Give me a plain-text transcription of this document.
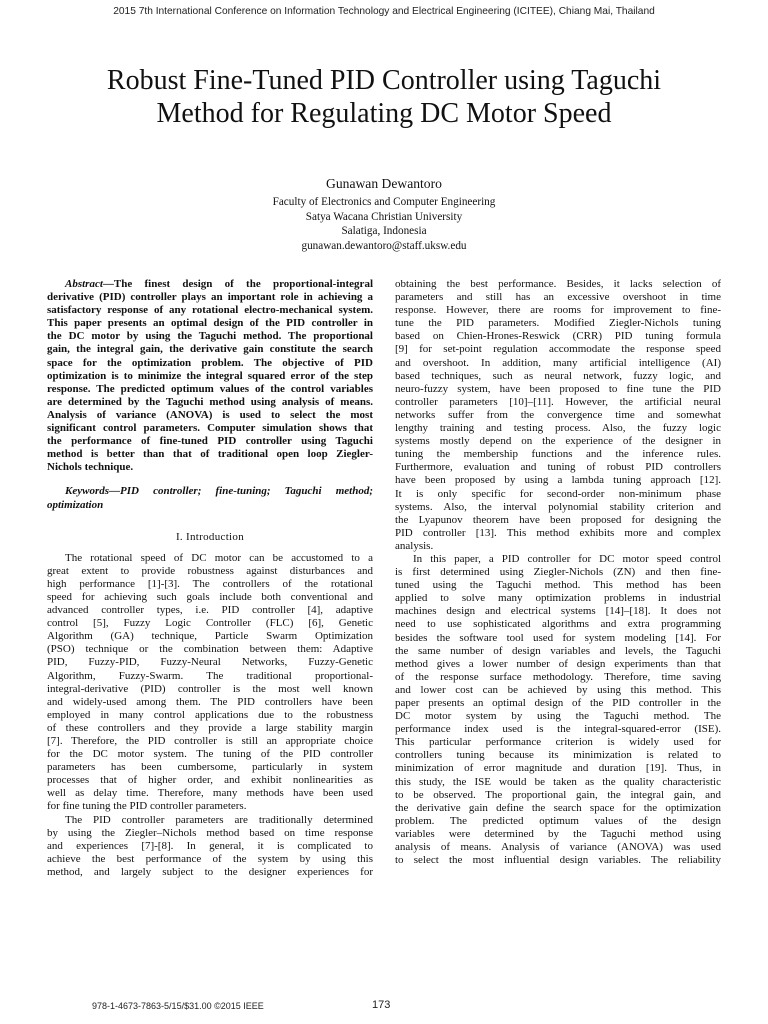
2015 7th International Conference on Information Technology and Electrical Engineering (ICITEE), Chiang Mai, Thailand
Robust Fine-Tuned PID Controller using Taguchi
Method for Regulating DC Motor Speed
Gunawan Dewantoro
Faculty of Electronics and Computer Engineering
Satya Wacana Christian University
Salatiga, Indonesia
gunawan.dewantoro@staff.uksw.edu
Abstract—The finest design of the proportional-integral
derivative (PID) controller plays an important role in achieving a
satisfactory response of any rotational electro-mechanical system.
This paper presents an optimal design of the PID controller in
the DC motor by using the Taguchi method. The proportional
gain, the integral gain, the derivative gain constitute the search
space for the optimization problem. The objective of PID
optimization is to minimize the integral squared error of the step
response. The predicted optimum values of the control variables
are determined by the Taguchi method using analysis of means.
Analysis of variance (ANOVA) is used to select the most
significant control parameters. Computer simulation shows that
the performance of fine-tuned PID controller using Taguchi
method is better than that of traditional open loop Ziegler-
Nichols technique.
Keywords—PID controller; fine-tuning; Taguchi method;
optimization
I. Introduction
The rotational speed of DC motor can be accustomed to a
great extent to provide robustness against disturbances and
high performance [1]-[3]. The controllers of the rotational
speed for achieving such goals include both conventional and
advanced controller types, i.e. PID controller [4], adaptive
control [5], Fuzzy Logic Controller (FLC) [6], Genetic
Algorithm (GA) technique, Particle Swarm Optimization
(PSO) technique or the combination between them: Adaptive
PID, Fuzzy-PID, Fuzzy-Neural Networks, Fuzzy-Genetic
Algorithm, Fuzzy-Swarm. The traditional proportional-
integral-derivative (PID) controller is the most well known
and widely-used among them. The PID controllers have been
employed in many control applications due to the robustness
of these controllers and they provide a large stability margin
[7]. Therefore, the PID controller is still an appropriate choice
for the DC motor system. The tuning of the PID controller
parameters has been cumbersome, particularly in system
processes that of higher order, and exhibit nonlinearities as
well as delay time. Therefore, many methods have been used
for fine tuning the PID controller parameters.
The PID controller parameters are traditionally determined
by using the Ziegler–Nichols method based on time response
and experiences [7]-[8]. In general, it is complicated to
achieve the best performance of the system by using this
method, and largely subject to the designer experiences for
obtaining the best performance. Besides, it lacks selection of
parameters and still has an excessive overshoot in time
response. However, there are rooms for improvement to fine-
tune the PID parameters. Modified Ziegler-Nichols tuning
based on Chien-Hrones-Reswick (CRR) PID tuning formula
[9] for set-point regulation accommodate the response speed
and overshoot. In addition, many artificial intelligence (AI)
based techniques, such as neural network, fuzzy logic, and
neuro-fuzzy system, have been proposed to fine tune the PID
controller parameters [10]–[11]. However, the artificial neural
networks suffer from the convergence time and somewhat
lengthy training and testing process. Also, the fuzzy logic
systems mostly depend on the experience of the designer in
tuning the membership functions and the inference rules.
Furthermore, evaluation and tuning of robust PID controllers
have been proposed by using a lambda tuning approach [12].
It is only specific for second-order non-minimum phase
systems. Also, the interval polynomial stability criterion and
the Lyapunov theorem have been proposed for designing the
PID controller [13]. This method exhibits more and complex
analysis.
In this paper, a PID controller for DC motor speed control
is first determined using Ziegler-Nichols (ZN) and then fine-
tuned using the Taguchi method. This method has been
applied to solve many optimization problems in industrial
machines design and electrical systems [14]–[18]. It does not
need to use sophisticated algorithms and extra programming
besides the software tool used for system modeling [14]. For
the same number of design variables and levels, the Taguchi
method gives a lower number of design experiments than that
of the response surface methodology. Therefore, time saving
and lower cost can be achieved by using this method. This
paper presents an optimal design of the PID controller in the
DC motor system by using the Taguchi method. The
performance index used is the integral-squared-error (ISE).
This particular performance criterion is widely used for
controllers tuning because its minimization is related to
minimization of error magnitude and duration [19]. Thus, in
this study, the ISE would be taken as the quality characteristic
to be observed. The proportional gain, the integral gain, and
the derivative gain define the search space for the optimization
problem. The predicted optimum values of the design
variables were determined by the Taguchi method using
analysis of means. Analysis of variance (ANOVA) was used
to select the most influential design variables. The reliability
978-1-4673-7863-5/15/$31.00 ©2015 IEEE	173
